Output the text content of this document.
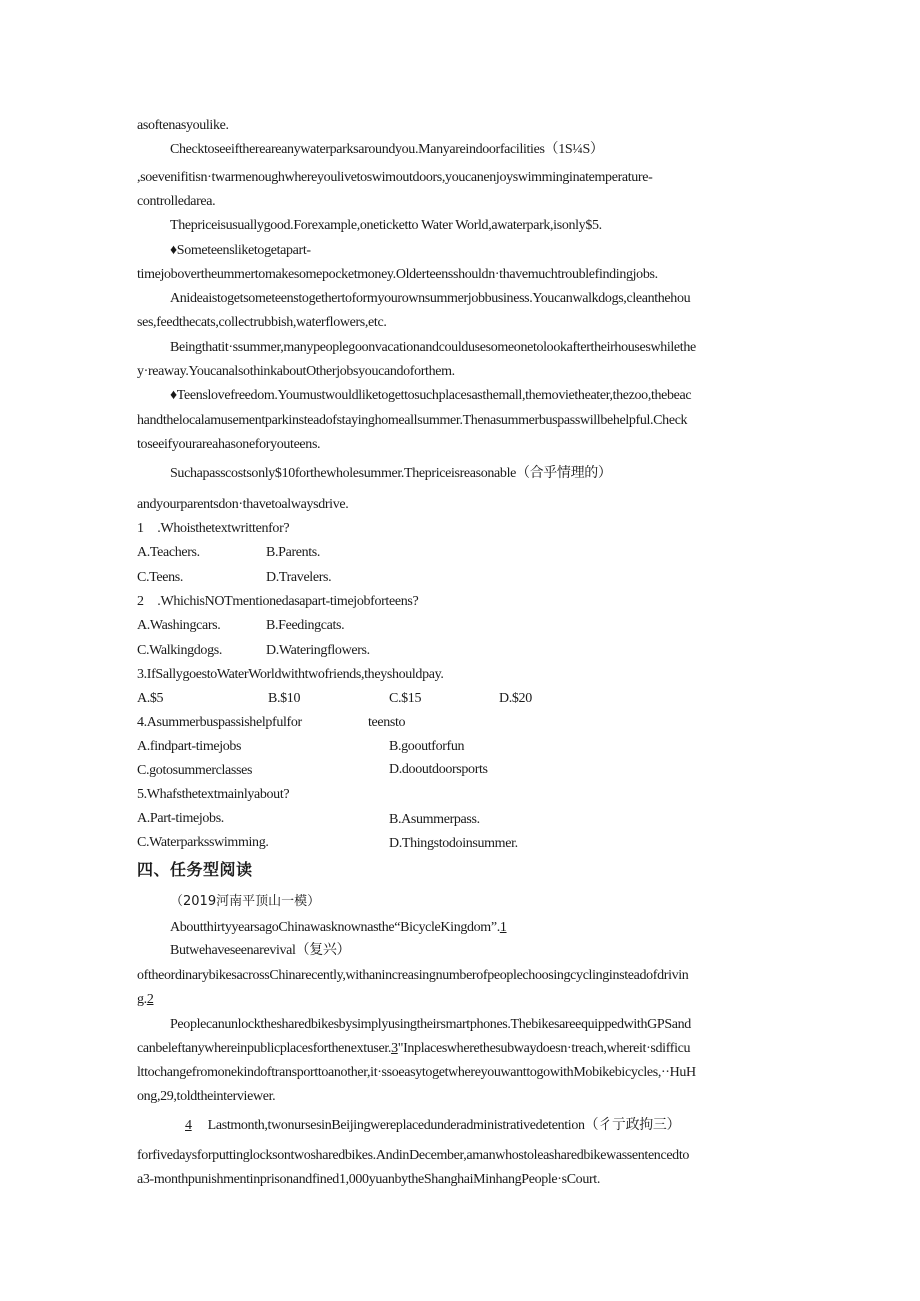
asoftenasyoulike.
Checktoseeifthereareanywaterparksaroundyou.Manyareindoorfacilities（1S¼S）
,soevenifitisn·twarmenoughwhereyoulivetoswimoutdoors,youcanenjoyswimminginatemperature-
controlledarea.
Thepriceisusuallygood.Forexample,oneticketto Water World,awaterpark,isonly$5.
♦Someteensliketogetapart-
timejobovertheummertomakesomepocketmoney.Olderteensshouldn·thavemuchtroublefindingjobs.
Anideaistogetsometeenstogethertoformyourownsummerjobbusiness.Youcanwalkdogs,cleanthehou
ses,feedthecats,collectrubbish,waterflowers,etc.
Beingthatit·ssummer,manypeoplegoonvacationandcouldusesomeonetolookaftertheirhouseswhilethe
y·reaway.YoucanalsothinkaboutOtherjobsyoucandoforthem.
♦Teenslovefreedom.Youmustwouldliketogettosuchplacesasthemall,themovietheater,thezoo,thebeac
handthelocalamusementparkinsteadofstayinghomeallsummer.Thenasummerbuspasswillbehelpful.Check
toseeifyourareahasoneforyouteens.
Suchapasscostsonly$10forthewholesummer.Thepriceisreasonable（合乎情理的）
andyourparentsdon·thavetoalwaysdrive.
1 .Whoisthetextwrittenfor?
A.Teachers.	B.Parents.
C.Teens.	D.Travelers.
2 .WhichisNOTmentionedasapart-timejobforteens?
A.Washingcars.	B.Feedingcats.
C.Walkingdogs.	D.Wateringflowers.
3.IfSallygoestoWaterWorldwithtwofriends,theyshouldpay.
A.$5	B.$10	C.$15	D.$20
4.Asummerbuspassishelpfulfor	teensto
A.findpart-timejobs	B.gooutforfun
C.gotosummerclasses	D.dooutdoorsports
5.Whafsthetextmainlyabout?
A.Part-timejobs.	B.Asummerpass.
C.Waterparksswimming.	D.Thingstodoinsummer.
四、任务型阅读
（2019河南平顶山一模）
AboutthirtyyearsagoChinawasknownasthe“BicycleKingdom”.1
Butwehaveseenarevival（复兴）
oftheordinarybikesacrossChinarecently,withanincreasingnumberofpeoplechoosingcyclinginsteadofdrivin
g.2
Peoplecanunlockthesharedbikesbysimplyusingtheirsmartphones.ThebikesareequippedwithGPSand
canbeleftanywhereinpublicplacesforthenextuser.3"Inplaceswherethesubwaydoesn·treach,whereit·sdifficu
lttochangefromonekindoftransporttoanother,it·ssoeasytogetwhereyouwanttogowithMobikebicycles,··HuH
ong,29,toldtheinterviewer.
4 Lastmonth,twonursesinBeijingwereplacedunderadministrativedetention（彳亍政拘三）
forfivedaysforputtinglocksontwosharedbikes.AndinDecember,amanwhostoleasharedbikewassentencedto
a3-monthpunishmentinprisonandfined1,000yuanbytheShanghaiMinhangPeople·sCourt.
